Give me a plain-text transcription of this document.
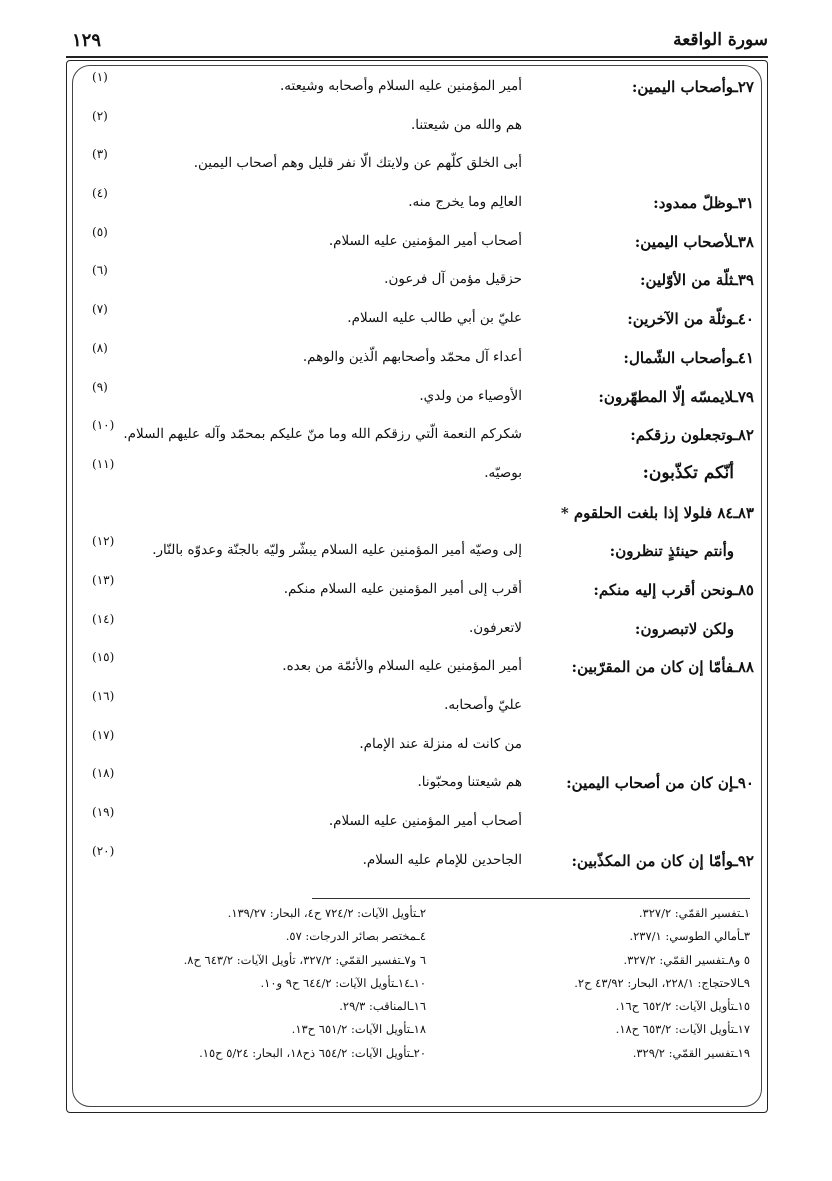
سورة الواقعة
١٢٩
٢٧ـوأصحاب اليمين:
أمير المؤمنين عليه السلام وأصحابه وشيعته.
(١)
هم والله من شيعتنا.
(٢)
أبى الخلق كلّهم عن ولايتك الّا نفر قليل وهم أصحاب اليمين.
(٣)
٣١ـوظلّ ممدود:
العالِم وما يخرج منه.
(٤)
٣٨ـلأصحاب اليمين:
أصحاب أمير المؤمنين عليه السلام.
(٥)
٣٩ـثلّة من الأوّلين:
حزقيل مؤمن آل فرعون.
(٦)
٤٠ـوثلّة من الآخرين:
عليّ بن أبي طالب عليه السلام.
(٧)
٤١ـوأصحاب الشّمال:
أعداء آل محمّد وأصحابهم الّذين والوهم.
(٨)
٧٩ـلايمسّه إلّا المطهّرون:
الأوصياء من ولدي.
(٩)
٨٢ـوتجعلون رزقكم:
شكركم النعمة الّتي رزقكم الله وما منّ عليكم بمحمّد وآله عليهم السلام.
(١٠)
أنّكم تكذّبون:
بوصيّه.
(١١)
٨٣ـ٨٤ فلولا إذا بلغت الحلقوم *
وأنتم حينئذٍ تنظرون:
إلى وصيّه أمير المؤمنين عليه السلام يبشّر وليّه بالجنّة وعدوّه بالنّار.
(١٢)
٨٥ـونحن أقرب إليه منكم:
أقرب إلى أمير المؤمنين عليه السلام منكم.
(١٣)
ولكن لاتبصرون:
لاتعرفون.
(١٤)
٨٨ـفأمّا إن كان من المقرّبين:
أمير المؤمنين عليه السلام والأئمّة من بعده.
(١٥)
عليّ وأصحابه.
(١٦)
من كانت له منزلة عند الإمام.
(١٧)
٩٠ـإن كان من أصحاب اليمين:
هم شيعتنا ومحبّونا.
(١٨)
أصحاب أمير المؤمنين عليه السلام.
(١٩)
٩٢ـوأمّا إن كان من المكذّبين:
الجاحدين للإمام عليه السلام.
(٢٠)
١ـتفسير القمّي: ٣٢٧/٢.
٢ـتأويل الآيات: ٧٢٤/٢ ح٤، البحار: ١٣٩/٢٧.
٣ـأمالي الطوسي: ٢٣٧/١.
٤ـمختصر بصائر الدرجات: ٥٧.
٥ و٨ـتفسير القمّي: ٣٢٧/٢.
٦ و٧ـتفسير القمّي: ٣٢٧/٢، تأويل الآيات: ٦٤٣/٢ ح٨.
٩ـالاحتجاج: ٢٢٨/١، البحار: ٤٣/٩٢ ح٢.
١٠ـ١٤ـتأويل الآيات: ٦٤٤/٢ ح٩ و١٠.
١٥ـتأويل الآيات: ٦٥٢/٢ ح١٦.
١٦ـالمناقب: ٢٩/٣.
١٧ـتأويل الآيات: ٦٥٣/٢ ح١٨.
١٨ـتأويل الآيات: ٦٥١/٢ ح١٣.
١٩ـتفسير القمّي: ٣٢٩/٢.
٢٠ـتأويل الآيات: ٦٥٤/٢ ذح١٨، البحار: ٥/٢٤ ح١٥.
